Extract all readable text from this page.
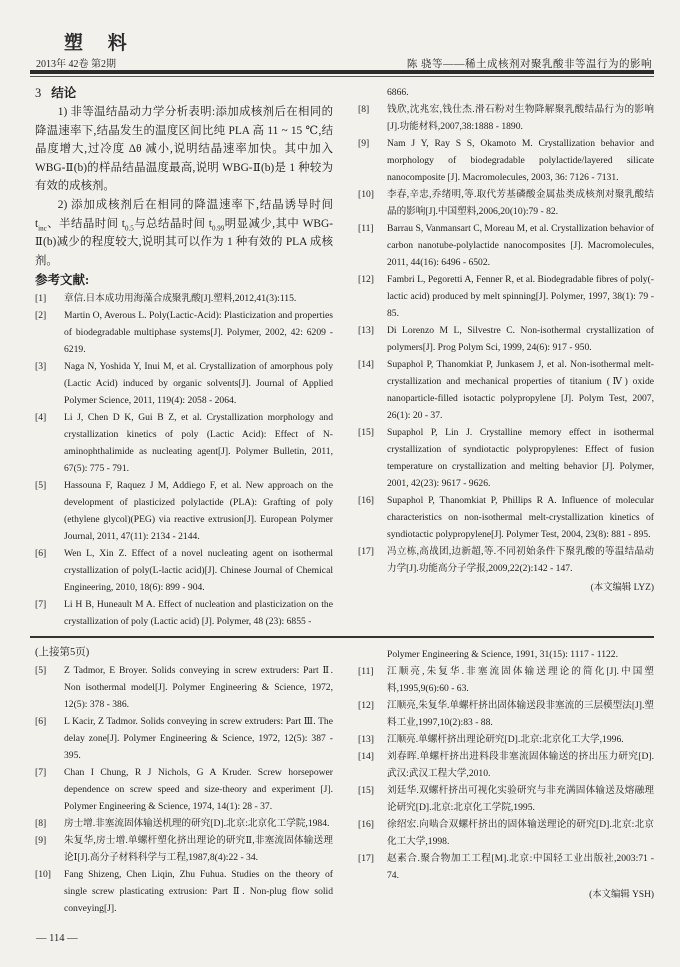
塑 料
2013年 42卷 第2期	陈 骁等——稀土成核剂对聚乳酸非等温行为的影响
3 结论

1) 非等温结晶动力学分析表明:添加成核剂后在相同的降温速率下,结晶发生的温度区间比纯 PLA 高 11 ~ 15 ℃,结晶度增大,过冷度 Δθ 减小,说明结晶速率加快。其中加入 WBG-Ⅱ(b)的样品结晶温度最高,说明 WBG-Ⅱ(b)是 1 种较为有效的成核剂。

2) 添加成核剂后在相同的降温速率下,结晶诱导时间 $t_{inc}$、半结晶时间 $t_{0.5}$与总结晶时间 $t_{0.99}$明显减少,其中 WBG-Ⅱ(b)减少的程度较大,说明其可以作为 1 种有效的 PLA 成核剂。

参考文献:
[1] 章信.日本成功用海藻合成聚乳酸[J].塑料,2012,41(3):115.
[2] Martin O, Averous L. Poly(Lactic-Acid): Plasticization and properties of biodegradable multiphase systems[J]. Polymer, 2002, 42: 6209 - 6219.
[3] Naga N, Yoshida Y, Inui M, et al. Crystallization of amorphous poly (Lactic Acid) induced by organic solvents[J]. Journal of Applied Polymer Science, 2011, 119(4): 2058 - 2064.
[4] Li J, Chen D K, Gui B Z, et al. Crystallization morphology and crystallization kinetics of poly (Lactic Acid): Effect of N-aminophthalimide as nucleating agent[J]. Polymer Bulletin, 2011, 67(5): 775 - 791.
[5] Hassouna F, Raquez J M, Addiego F, et al. New approach on the development of plasticized polylactide (PLA): Grafting of poly (ethylene glycol)(PEG) via reactive extrusion[J]. European Polymer Journal, 2011, 47(11): 2134 - 2144.
[6] Wen L, Xin Z. Effect of a novel nucleating agent on isothermal crystallization of poly(L-lactic acid)[J]. Chinese Journal of Chemical Engineering, 2010, 18(6): 899 - 904.
[7] Li H B, Huneault M A. Effect of nucleation and plasticization on the crystallization of poly (Lactic acid) [J]. Polymer, 48 (23): 6855 -
6866.
[8] 钱欣,沈兆宏,钱仕杰.滑石粉对生物降解聚乳酸结晶行为的影响[J].功能材料,2007,38:1888 - 1890.
[9] Nam J Y, Ray S S, Okamoto M. Crystallization behavior and morphology of biodegradable polylactide/layered silicate nanocomposite [J]. Macromolecules, 2003, 36: 7126 - 7131.
[10] 李春,辛忠,乔绪明,等.取代芳基磷酸金属盐类成核剂对聚乳酸结晶的影响[J].中国塑料,2006,20(10):79 - 82.
[11] Barrau S, Vanmansart C, Moreau M, et al. Crystallization behavior of carbon nanotube-polylactide nanocomposites [J]. Macromolecules, 2011, 44(16): 6496 - 6502.
[12] Fambri L, Pegoretti A, Fenner R, et al. Biodegradable fibres of poly(-lactic acid) produced by melt spinning[J]. Polymer, 1997, 38(1): 79 - 85.
[13] Di Lorenzo M L, Silvestre C. Non-isothermal crystallization of polymers[J]. Prog Polym Sci, 1999, 24(6): 917 - 950.
[14] Supaphol P, Thanomkiat P, Junkasem J, et al. Non-isothermal melt-crystallization and mechanical properties of titanium (Ⅳ) oxide nanoparticle-filled isotactic polypropylene [J]. Polym Test, 2007, 26(1): 20 - 37.
[15] Supaphol P, Lin J. Crystalline memory effect in isothermal crystallization of syndiotactic polypropylenes: Effect of fusion temperature on crystallization and melting behavior [J]. Polymer, 2001, 42(23): 9617 - 9626.
[16] Supaphol P, Thanomkiat P, Phillips R A. Influence of molecular characteristics on non-isothermal melt-crystallization kinetics of syndiotactic polypropylene[J]. Polymer Test, 2004, 23(8): 881 - 895.
[17] 冯立栋,高战团,边新超,等.不同初始条件下聚乳酸的等温结晶动力学[J].功能高分子学报,2009,22(2):142 - 147.
(本文编辑 LYZ)
(上接第5页)
[5] Z Tadmor, E Broyer. Solids conveying in screw extruders: Part Ⅱ. Non isothermal model[J]. Polymer Engineering & Science, 1972, 12(5): 378 - 386.
[6] L Kacir, Z Tadmor. Solids conveying in screw extruders: Part Ⅲ. The delay zone[J]. Polymer Engineering & Science, 1972, 12(5): 387 - 395.
[7] Chan I Chung, R J Nichols, G A Kruder. Screw horsepower dependence on screw speed and size-theory and experiment [J]. Polymer Engineering & Science, 1974, 14(1): 28 - 37.
[8] 房士增.非塞流固体输送机理的研究[D].北京:北京化工学院,1984.
[9] 朱复华,房士增.单螺杆塑化挤出理论的研究Ⅱ,非塞流固体输送理论Ⅰ[J].高分子材料科学与工程,1987,8(4):22 - 34.
[10] Fang Shizeng, Chen Liqin, Zhu Fuhua. Studies on the theory of single screw plasticating extrusion: Part Ⅱ. Non-plug flow solid conveying[J].
Polymer Engineering & Science, 1991, 31(15): 1117 - 1122.
[11] 江顺亮,朱复华.非塞流固体输送理论的简化[J].中国塑料,1995,9(6):60 - 63.
[12] 江顺亮,朱复华.单螺杆挤出固体输送段非塞流的三层模型法[J].塑料工业,1997,10(2):83 - 88.
[13] 江顺亮.单螺杆挤出理论研究[D].北京:北京化工大学,1996.
[14] 刘春晖.单螺杆挤出进料段非塞流固体输送的挤出压力研究[D].武汉:武汉工程大学,2010.
[15] 刘廷华.双螺杆挤出可视化实验研究与非充满固体输送及熔融理论研究[D].北京:北京化工学院,1995.
[16] 徐绍宏.向啮合双螺杆挤出的固体输送理论的研究[D].北京:北京化工大学,1998.
[17] 赵素合.聚合物加工工程[M].北京:中国轻工业出版社,2003:71 - 74.
(本文编辑 YSH)
— 114 —
